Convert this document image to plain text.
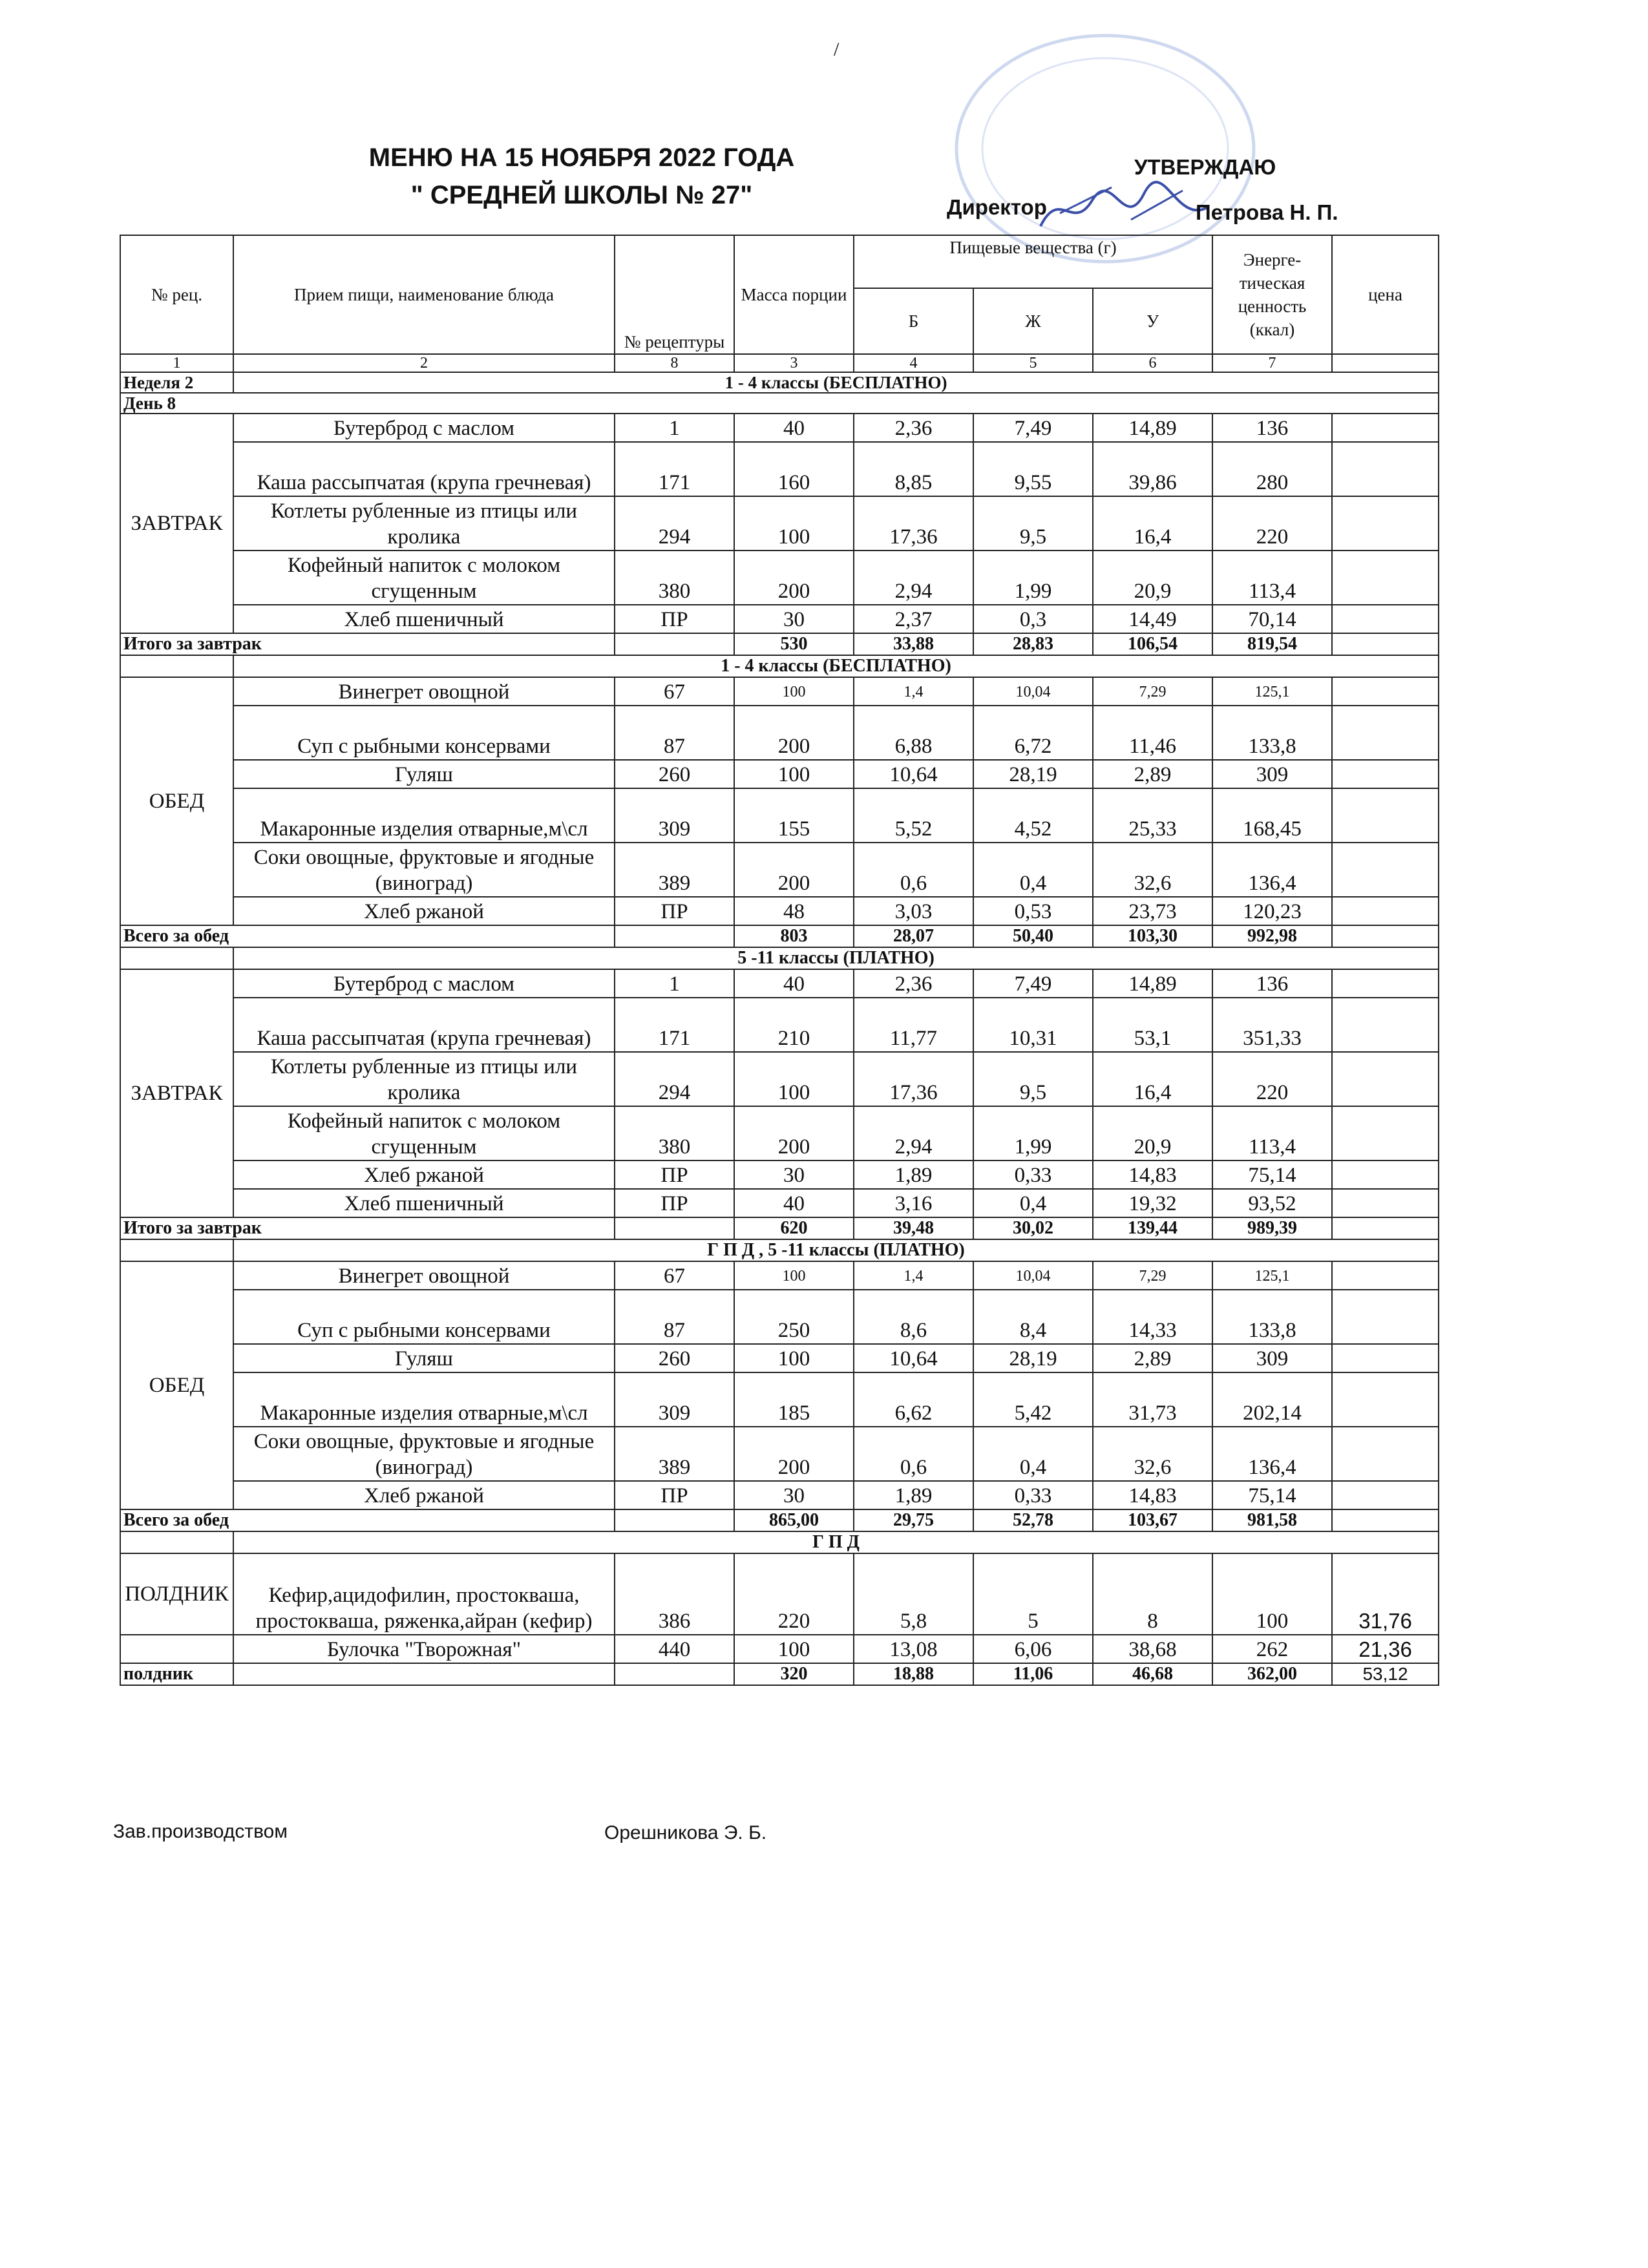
/
МЕНЮ НА 15 НОЯБРЯ 2022 ГОДА
" СРЕДНЕЙ ШКОЛЫ № 27"
УТВЕРЖДАЮ
Директор	Петрова Н. П.
№ рец.	Прием пищи, наименование блюда	№ рецептуры	Масса порции	Пищевые вещества (г)			Энерге-тическая ценность (ккал)	цена
				Б	Ж	У		
1	2	8	3	4	5	6	7	
Неделя 2	1 - 4 классы (БЕСПЛАТНО)							
День 8								
ЗАВТРАК	Бутерброд с маслом	1	40	2,36	7,49	14,89	136	
	Каша рассыпчатая (крупа гречневая)	171	160	8,85	9,55	39,86	280	
	Котлеты рубленные из птицы или кролика	294	100	17,36	9,5	16,4	220	
	Кофейный напиток с молоком сгущенным	380	200	2,94	1,99	20,9	113,4	
	Хлеб пшеничный	ПР	30	2,37	0,3	14,49	70,14	
Итого за завтрак			530	33,88	28,83	106,54	819,54	
	1 - 4 классы (БЕСПЛАТНО)							
ОБЕД	Винегрет овощной	67	100	1,4	10,04	7,29	125,1	
	Суп с рыбными консервами	87	200	6,88	6,72	11,46	133,8	
	Гуляш	260	100	10,64	28,19	2,89	309	
	Макаронные изделия отварные,м\сл	309	155	5,52	4,52	25,33	168,45	
	Соки овощные, фруктовые и ягодные (виноград)	389	200	0,6	0,4	32,6	136,4	
	Хлеб ржаной	ПР	48	3,03	0,53	23,73	120,23	
Всего за обед			803	28,07	50,40	103,30	992,98	
	5 -11 классы (ПЛАТНО)							
ЗАВТРАК	Бутерброд с маслом	1	40	2,36	7,49	14,89	136	
	Каша рассыпчатая (крупа гречневая)	171	210	11,77	10,31	53,1	351,33	
	Котлеты рубленные из птицы или кролика	294	100	17,36	9,5	16,4	220	
	Кофейный напиток с молоком сгущенным	380	200	2,94	1,99	20,9	113,4	
	Хлеб ржаной	ПР	30	1,89	0,33	14,83	75,14	
	Хлеб пшеничный	ПР	40	3,16	0,4	19,32	93,52	
Итого за завтрак			620	39,48	30,02	139,44	989,39	
	Г П Д , 5 -11 классы (ПЛАТНО)							
ОБЕД	Винегрет овощной	67	100	1,4	10,04	7,29	125,1	
	Суп с рыбными консервами	87	250	8,6	8,4	14,33	133,8	
	Гуляш	260	100	10,64	28,19	2,89	309	
	Макаронные изделия отварные,м\сл	309	185	6,62	5,42	31,73	202,14	
	Соки овощные, фруктовые и ягодные (виноград)	389	200	0,6	0,4	32,6	136,4	
	Хлеб ржаной	ПР	30	1,89	0,33	14,83	75,14	
Всего за обед			865,00	29,75	52,78	103,67	981,58	
	Г П Д							
ПОЛДНИК	Кефир,ацидофилин, простокваша, простокваша, ряженка,айран (кефир)	386	220	5,8	5	8	100	31,76
	Булочка "Творожная"	440	100	13,08	6,06	38,68	262	21,36
полдник			320	18,88	11,06	46,68	362,00	53,12
Зав.производством	Орешникова Э. Б.
